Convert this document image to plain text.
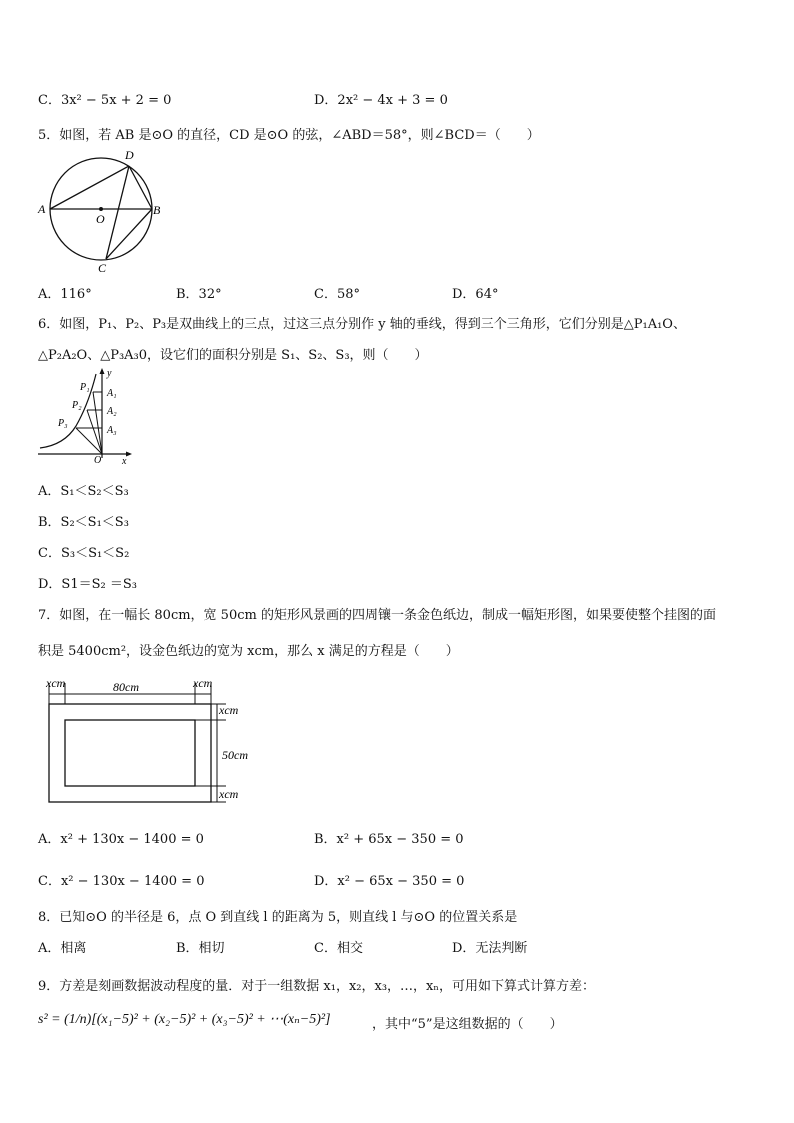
C．3x² − 5x + 2 = 0	D．2x² − 4x + 3 = 0
5．如图，若 AB 是⊙O 的直径，CD 是⊙O 的弦，∠ABD＝58°，则∠BCD＝（　　）
A	B
C
D
O
A．116°	B．32°	C．58°	D．64°
6．如图，P₁、P₂、P₃是双曲线上的三点，过这三点分别作 y 轴的垂线，得到三个三角形，它们分别是△P₁A₁O、
△P₂A₂O、△P₃A₃0，设它们的面积分别是 S₁、S₂、S₃，则（　　）
P₁
P₂
P₃
A₁
A₂
A₃
O x
y
A．S₁＜S₂＜S₃
B．S₂＜S₁＜S₃
C．S₃＜S₁＜S₂
D．S1＝S₂ ＝S₃
7．如图，在一幅长 80cm，宽 50cm 的矩形风景画的四周镶一条金色纸边，制成一幅矩形图，如果要使整个挂图的面
积是 5400cm²，设金色纸边的宽为 xcm，那么 x 满足的方程是（　　）
xcm	80cm	xcm
xcm
50cm
xcm
A．x² + 130x − 1400 = 0	B．x² + 65x − 350 = 0
C．x² − 130x − 1400 = 0	D．x² − 65x − 350 = 0
8．已知⊙O 的半径是 6，点 O 到直线 l 的距离为 5，则直线 l 与⊙O 的位置关系是
A．相离	B．相切	C．相交	D．无法判断
9．方差是刻画数据波动程度的量．对于一组数据 x₁，x₂，x₃，…，xₙ，可用如下算式计算方差：
s² = (1/n)[(x₁−5)² + (x₂−5)² + (x₃−5)² + ⋯(xₙ−5)²]	，其中“5”是这组数据的（　　）
